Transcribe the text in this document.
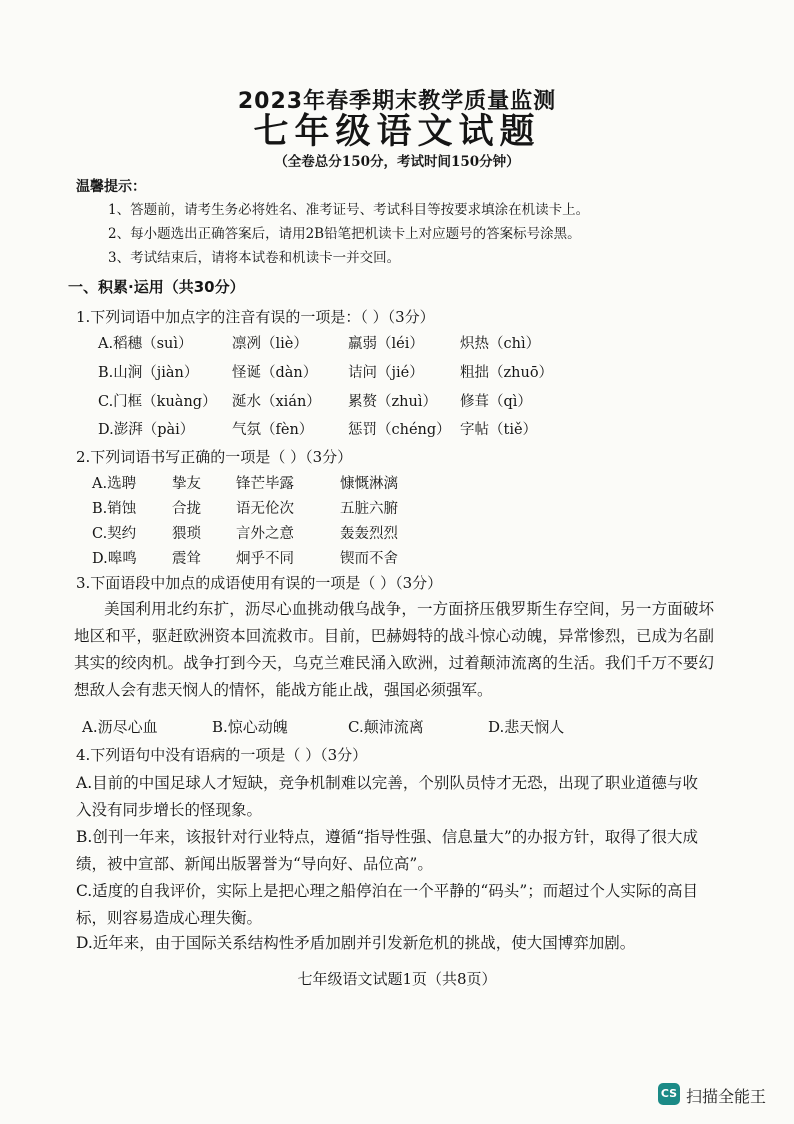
2023年春季期末教学质量监测
七年级语文试题
（全卷总分150分，考试时间150分钟）
温馨提示：
1、答题前，请考生务必将姓名、准考证号、考试科目等按要求填涂在机读卡上。
2、每小题选出正确答案后，请用2B铅笔把机读卡上对应题号的答案标号涂黑。
3、考试结束后，请将本试卷和机读卡一并交回。
一、积累·运用（共30分）
1.下列词语中加点字的注音有误的一项是：（ ）（3分）
A.稻穗（suì）	凛冽（liè）	羸弱（léi） 炽热（chì）
B.山涧（jiàn） 怪诞（dàn） 诘问（jié）	粗拙（zhuō）
C.门框（kuàng） 涎水（xián） 累赘（zhuì） 修葺（qì）
D.澎湃（pài）	气氛（fèn） 惩罚（chéng） 字帖（tiě）
2.下列词语书写正确的一项是（ ）（3分）
A.选聘 挚友 锋芒毕露	慷慨淋漓
B.销蚀 合拢 语无伦次	五脏六腑
C.契约 猥琐 言外之意	轰轰烈烈
D.嗥鸣 震耸 炯乎不同	锲而不舍
3.下面语段中加点的成语使用有误的一项是（ ）（3分）
美国利用北约东扩，沥尽心血挑动俄乌战争，一方面挤压俄罗斯生存空间，另一方面破坏地区和平，驱赶欧洲资本回流救市。目前，巴赫姆特的战斗惊心动魄，异常惨烈，已成为名副其实的绞肉机。战争打到今天，乌克兰难民涌入欧洲，过着颠沛流离的生活。我们千万不要幻想敌人会有悲天悯人的情怀，能战方能止战，强国必须强军。
A.沥尽心血	B.惊心动魄	C.颠沛流离	D.悲天悯人
4.下列语句中没有语病的一项是（ ）（3分）
A.目前的中国足球人才短缺，竞争机制难以完善，个别队员恃才无恐，出现了职业道德与收入没有同步增长的怪现象。
B.创刊一年来，该报针对行业特点，遵循“指导性强、信息量大”的办报方针，取得了很大成绩，被中宣部、新闻出版署誉为“导向好、品位高”。
C.适度的自我评价，实际上是把心理之船停泊在一个平静的“码头”；而超过个人实际的高目标，则容易造成心理失衡。
D.近年来，由于国际关系结构性矛盾加剧并引发新危机的挑战，使大国博弈加剧。
七年级语文试题1页（共8页）
CS 扫描全能王
